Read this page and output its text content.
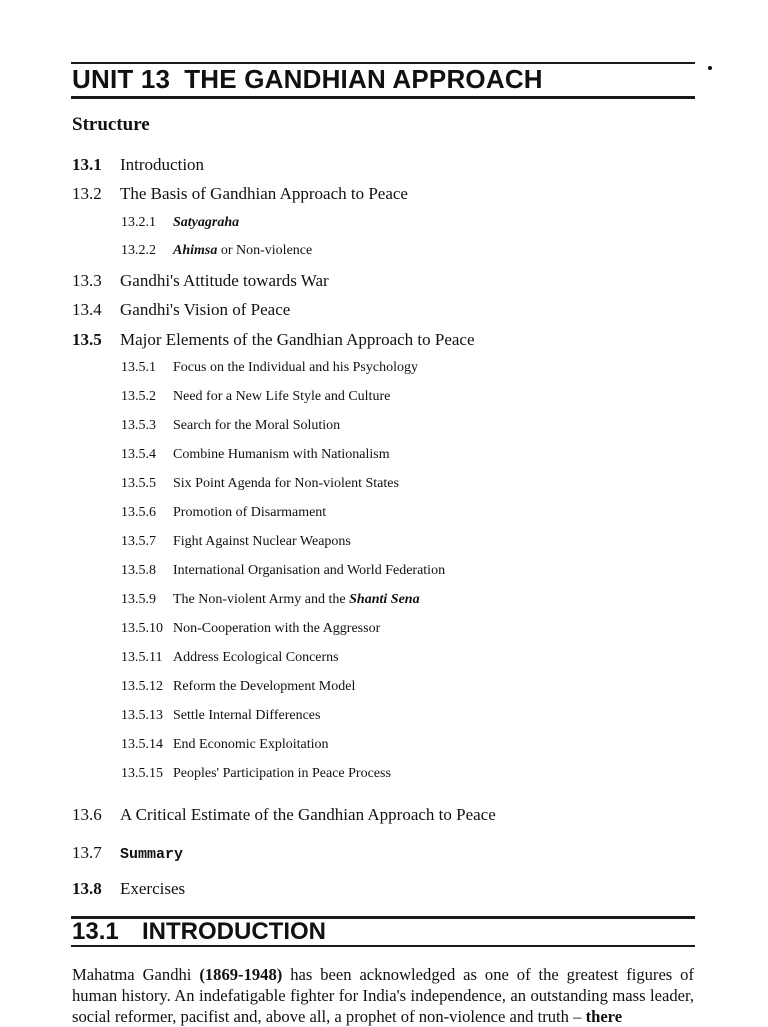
UNIT 13 THE GANDHIAN APPROACH
Structure
13.1 Introduction
13.2 The Basis of Gandhian Approach to Peace
13.2.1 Satyagraha
13.2.2 Ahimsa or Non-violence
13.3 Gandhi's Attitude towards War
13.4 Gandhi's Vision of Peace
13.5 Major Elements of the Gandhian Approach to Peace
13.5.1 Focus on the Individual and his Psychology
13.5.2 Need for a New Life Style and Culture
13.5.3 Search for the Moral Solution
13.5.4 Combine Humanism with Nationalism
13.5.5 Six Point Agenda for Non-violent States
13.5.6 Promotion of Disarmament
13.5.7 Fight Against Nuclear Weapons
13.5.8 International Organisation and World Federation
13.5.9 The Non-violent Army and the Shanti Sena
13.5.10 Non-Cooperation with the Aggressor
13.5.11 Address Ecological Concerns
13.5.12 Reform the Development Model
13.5.13 Settle Internal Differences
13.5.14 End Economic Exploitation
13.5.15 Peoples' Participation in Peace Process
13.6 A Critical Estimate of the Gandhian Approach to Peace
13.7 Summary
13.8 Exercises
13.1 INTRODUCTION

Mahatma Gandhi (1869-1948) has been acknowledged as one of the greatest figures of human history. An indefatigable fighter for India's independence, an outstanding mass leader, social reformer, pacifist and, above all, a prophet of non-violence and truth – there
